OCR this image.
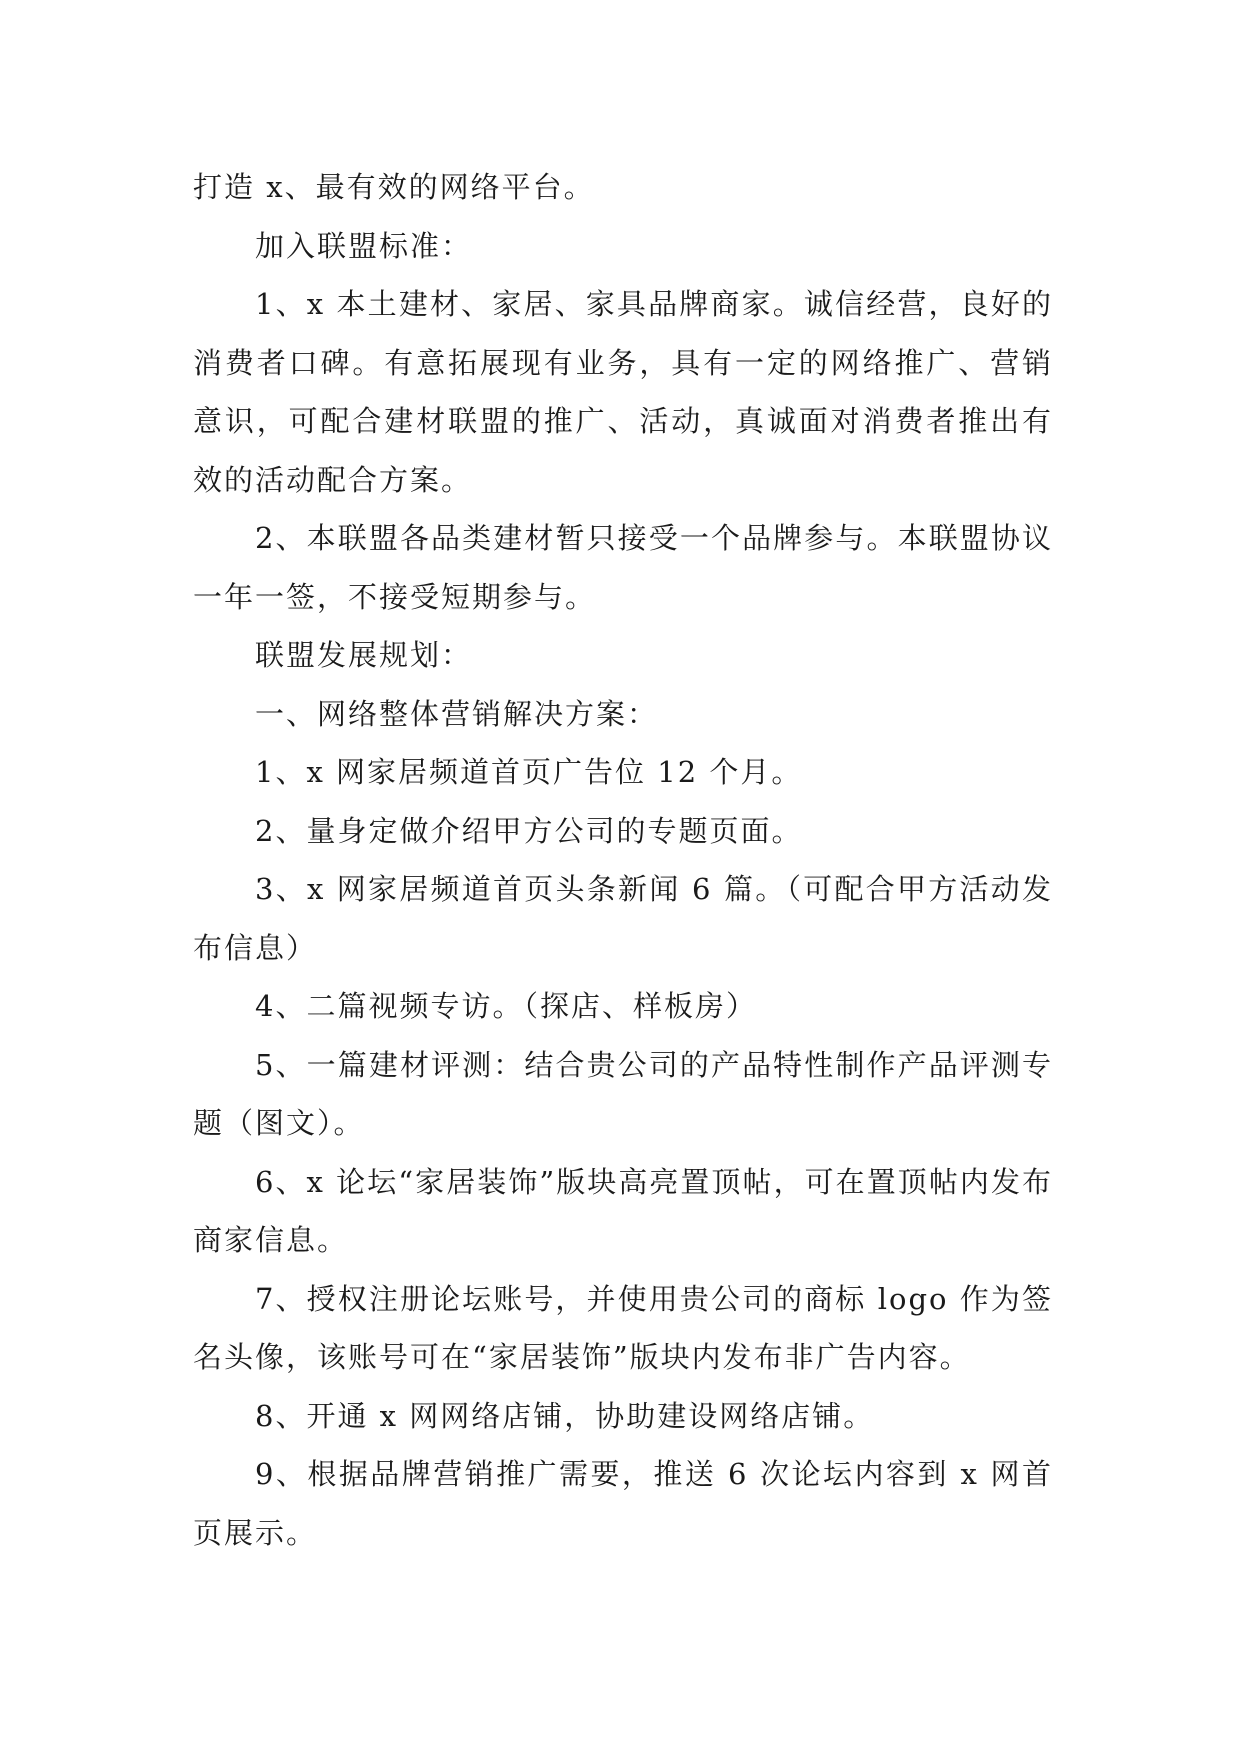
打造 x、最有效的网络平台。

加入联盟标准：

1、x 本土建材、家居、家具品牌商家。诚信经营，良好的消费者口碑。有意拓展现有业务，具有一定的网络推广、营销意识，可配合建材联盟的推广、活动，真诚面对消费者推出有效的活动配合方案。

2、本联盟各品类建材暂只接受一个品牌参与。本联盟协议一年一签，不接受短期参与。

联盟发展规划：

一、网络整体营销解决方案：

1、x 网家居频道首页广告位 12 个月。

2、量身定做介绍甲方公司的专题页面。

3、x 网家居频道首页头条新闻 6 篇。（可配合甲方活动发布信息）

4、二篇视频专访。（探店、样板房）

5、一篇建材评测：结合贵公司的产品特性制作产品评测专题（图文）。

6、x 论坛“家居装饰”版块高亮置顶帖，可在置顶帖内发布商家信息。

7、授权注册论坛账号，并使用贵公司的商标 logo 作为签名头像，该账号可在“家居装饰”版块内发布非广告内容。

8、开通 x 网网络店铺，协助建设网络店铺。

9、根据品牌营销推广需要，推送 6 次论坛内容到 x 网首页展示。
